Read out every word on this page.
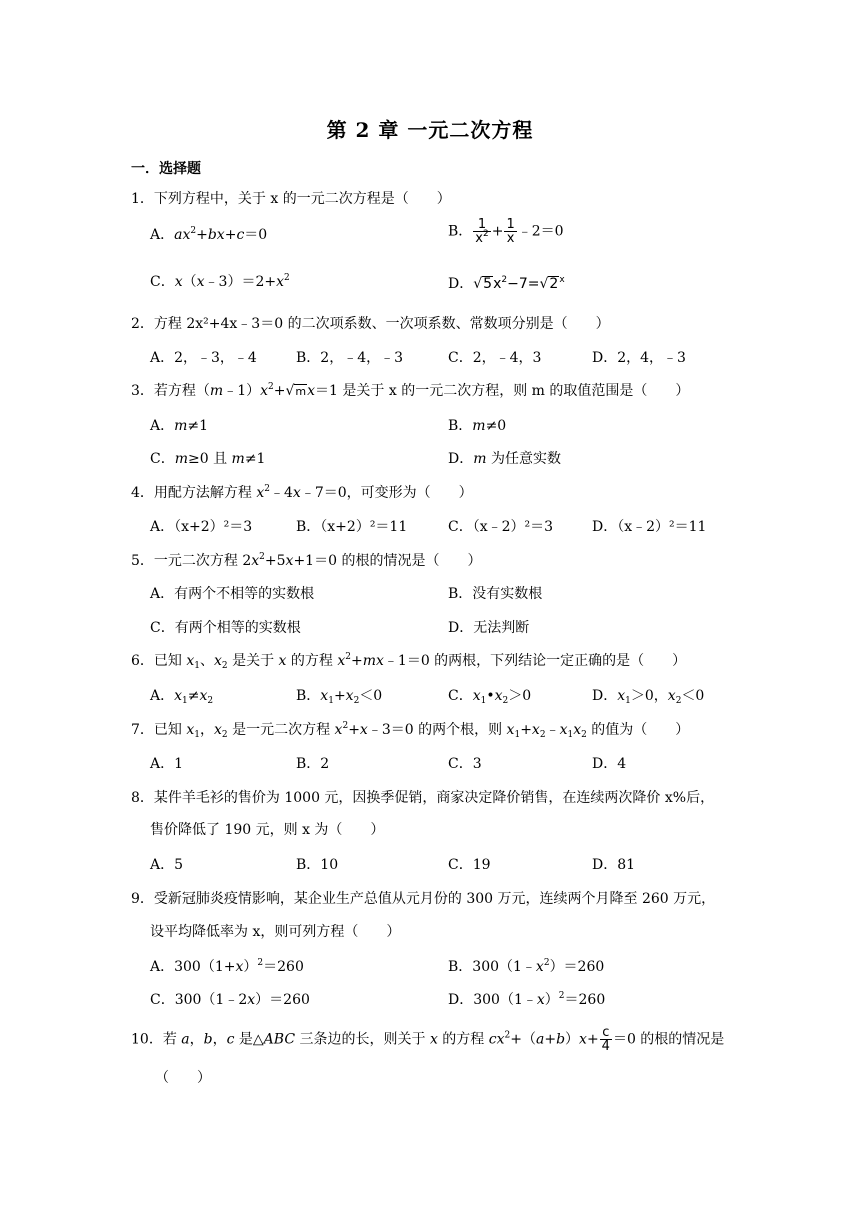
第 2 章 一元二次方程
一．选择题
1．下列方程中，关于 x 的一元二次方程是（　　）
A．$ax^2+bx+c=0$	B． $\frac{1}{x^2} + \frac{1}{x}$ ﹣2＝0
C．$x(x﹣3)=2+x^2$	D．$√5x^2-7=√2^x$
2．方程 2x²+4x﹣3＝0 的二次项系数、一次项系数、常数项分别是（　　）
A．2，﹣3，﹣4	B．2，﹣4，﹣3	C．2，﹣4，3	D．2，4，﹣3
3．若方程$(m﹣1)x^2+√mx=1$ 是关于 x 的一元二次方程，则 m 的取值范围是（　　）
A．m≠1	B．m≠0
C．m≥0 且 m≠1	D．m 为任意实数
4．用配方法解方程 $x^2﹣4x﹣7=0$，可变形为（　　）
A．（x+2）²＝3	B．（x+2）²＝11	C．（x﹣2）²＝3	D．（x﹣2）²＝11
5．一元二次方程 $2x^2+5x+1=0$ 的根的情况是（　　）
A．有两个不相等的实数根	B．没有实数根
C．有两个相等的实数根	D．无法判断
6．已知 $x_1$、$x_2$ 是关于 x 的方程 $x^2+mx﹣1=0$ 的两根，下列结论一定正确的是（　　）
A．$x_1\ne x_2$	B．$x_1+x_2<0$	C．$x_1•x_2>0$	D．$x_1>0$，$x_2<0$
7．已知 $x_1$，$x_2$ 是一元二次方程 $x^2+x﹣3=0$ 的两个根，则 $x_1+x_2﹣x_1x_2$ 的值为（　　）
A．1	B．2	C．3	D．4
8．某件羊毛衫的售价为 1000 元，因换季促销，商家决定降价销售，在连续两次降价 x%后，
售价降低了 190 元，则 x 为（　　）
A．5	B．10	C．19	D．81
9．受新冠肺炎疫情影响，某企业生产总值从元月份的 300 万元，连续两个月降至 260 万元，
设平均降低率为 x，则可列方程（　　）
A．$300(1+x)^2=260$	B．$300(1﹣x^2)=260$
C．300（1﹣2x）＝260	D．300（1﹣x）$^2$＝260
10．若 a，b，c 是△ABC 三条边的长，则关于 x 的方程 $cx^2+(a+b)x+ \frac{c}{4} =0$ 的根的情况是
（　　）
